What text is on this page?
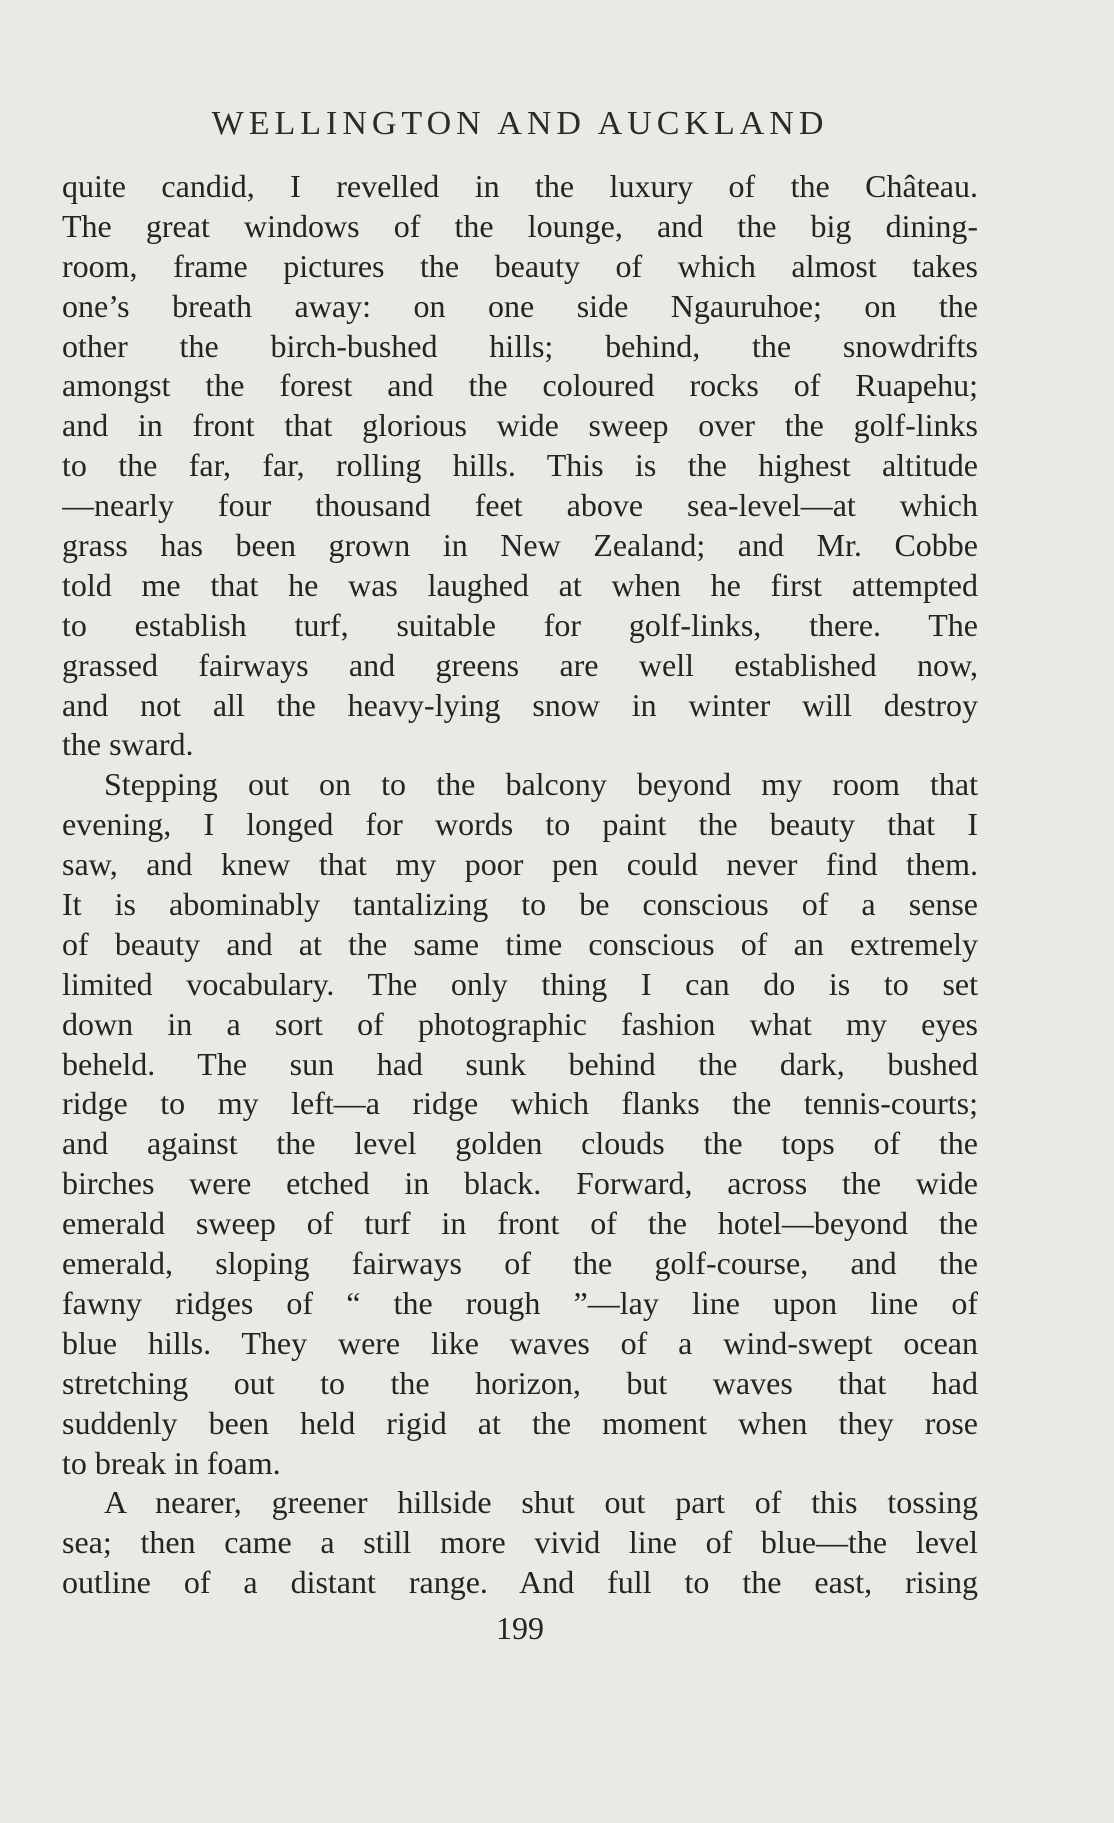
WELLINGTON AND AUCKLAND
quite candid, I revelled in the luxury of the Château.
The great windows of the lounge, and the big dining-
room, frame pictures the beauty of which almost takes
one’s breath away: on one side Ngauruhoe; on the
other the birch-bushed hills; behind, the snowdrifts
amongst the forest and the coloured rocks of Ruapehu;
and in front that glorious wide sweep over the golf-links
to the far, far, rolling hills. This is the highest altitude
—nearly four thousand feet above sea-level—at which
grass has been grown in New Zealand; and Mr. Cobbe
told me that he was laughed at when he first attempted
to establish turf, suitable for golf-links, there. The
grassed fairways and greens are well established now,
and not all the heavy-lying snow in winter will destroy
the sward.
Stepping out on to the balcony beyond my room that
evening, I longed for words to paint the beauty that I
saw, and knew that my poor pen could never find them.
It is abominably tantalizing to be conscious of a sense
of beauty and at the same time conscious of an extremely
limited vocabulary. The only thing I can do is to set
down in a sort of photographic fashion what my eyes
beheld. The sun had sunk behind the dark, bushed
ridge to my left—a ridge which flanks the tennis-courts;
and against the level golden clouds the tops of the
birches were etched in black. Forward, across the wide
emerald sweep of turf in front of the hotel—beyond the
emerald, sloping fairways of the golf-course, and the
fawny ridges of “ the rough ”—lay line upon line of
blue hills. They were like waves of a wind-swept ocean
stretching out to the horizon, but waves that had
suddenly been held rigid at the moment when they rose
to break in foam.
A nearer, greener hillside shut out part of this tossing
sea; then came a still more vivid line of blue—the level
outline of a distant range. And full to the east, rising
199
